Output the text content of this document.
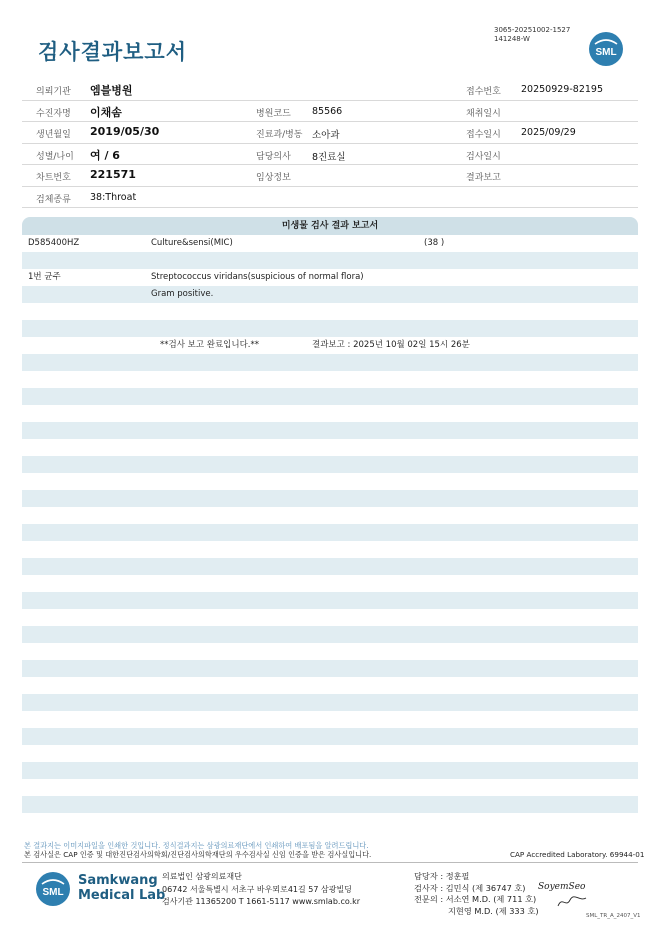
검사결과보고서
3065-20251002-1527
141248-W
SML
의뢰기관 엠블병원	접수번호 20250929-82195
수진자명 이채솜	병원코드 85566	채취일시
생년월일 2019/05/30	진료과/병동 소아과	접수일시 2025/09/29
성별/나이 여 / 6	담당의사 8진료실	검사일시
차트번호 221571	임상정보	결과보고
검체종류 38:Throat
미생물 검사 결과 보고서
D585400HZ	Culture&sensi(MIC)	(38 )
1번 균주	Streptococcus viridans(suspicious of normal flora)
Gram positive.
**검사 보고 완료입니다.**	결과보고 : 2025년 10월 02일 15시 26분
본 결과지는 이미지파일을 인쇄한 것입니다. 정식결과지는 삼광의료재단에서 인쇄하여 배포됨을 알려드립니다.
본 검사실은 CAP 인증 및 대한진단검사의학회/진단검사의학재단의 우수검사실 신임 인증을 받은 검사실입니다.	CAP Accredited Laboratory. 69944-01
SML
Samkwang
Medical Lab
의료법인 삼광의료재단
06742 서울특별시 서초구 바우뫼로41길 57 삼광빌딩
검사기관 11365200 T 1661-5117 www.smlab.co.kr
담당자 : 정훈필
검사자 : 김민식 (제 36747 호)
전문의 : 서소연 M.D. (제 711 호)
지현영 M.D. (제 333 호)
SoyemSeo
SML_TR_A_2407_V1
